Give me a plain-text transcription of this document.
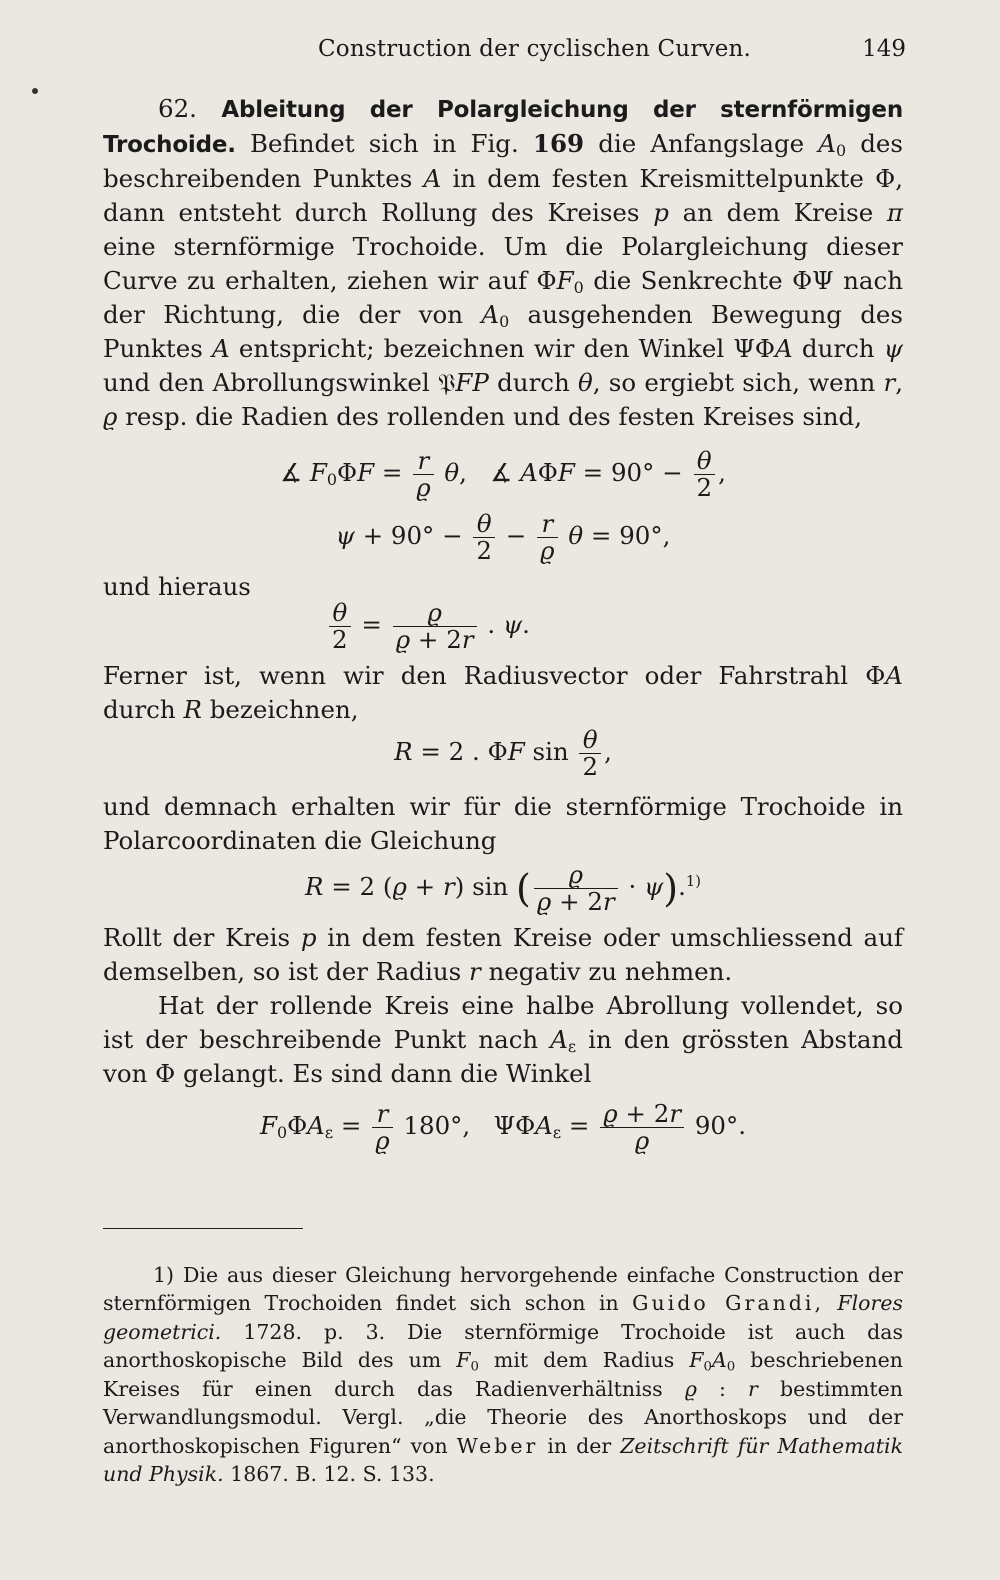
Construction der cyclischen Curven.	149

62. Ableitung der Polargleichung der sternförmigen Trochoide. Befindet sich in Fig. 169 die Anfangslage $A_0$ des beschreibenden Punktes A in dem festen Kreismittelpunkte Φ, dann entsteht durch Rollung des Kreises p an dem Kreise π eine sternförmige Trochoide. Um die Polargleichung dieser Curve zu erhalten, ziehen wir auf $\Phi F_0$ die Senkrechte ΦΨ nach der Richtung, die der von $A_0$ ausgehenden Bewegung des Punktes A entspricht; bezeichnen wir den Winkel ΨΦA durch ψ und den Abrollungswinkel 𝔓FP durch θ, so ergiebt sich, wenn r, ϱ resp. die Radien des rollenden und des festen Kreises sind,

∡ $F_0\Phi F = \frac{r}{ϱ} \theta$,   ∡ $A\Phi F = 90^\circ - \frac{\theta}{2}$ ,
$\psi + 90^\circ - \frac{\theta}{2} - \frac{r}{ϱ}$ θ = 90°,

und hieraus

$\frac{\theta}{2} = \frac{ϱ}{ϱ + 2r}$ . ψ.

Ferner ist, wenn wir den Radiusvector oder Fahrstrahl ΦA durch R bezeichnen,

R = 2 . ΦF $\sin \frac{\theta}{2}$ ,

und demnach erhalten wir für die sternförmige Trochoide in Polarcoordinaten die Gleichung

R = 2 (ϱ + r) sin ( $\frac{ϱ}{ϱ + 2r} \cdot \psi).^{1)}$

Rollt der Kreis p in dem festen Kreise oder umschliessend auf demselben, so ist der Radius r negativ zu nehmen.

Hat der rollende Kreis eine halbe Abrollung vollendet, so ist der beschreibende Punkt nach $A_\varepsilon$ in den grössten Abstand von Φ gelangt. Es sind dann die Winkel

$F_0\Phi A_\varepsilon = \frac{r}{ϱ} 180^\circ$,   $\Psi\Phi A_\varepsilon = \frac{ϱ + 2r}{ϱ} 90^\circ$.

1) Die aus dieser Gleichung hervorgehende einfache Construction der sternförmigen Trochoiden findet sich schon in Guido Grandi, Flores geometrici. 1728. p. 3. Die sternförmige Trochoide ist auch das anorthoskopische Bild des um $F_0$ mit dem Radius $F_0A_0$ beschriebenen Kreises für einen durch das Radienverhältniss ϱ : r bestimmten Verwandlungsmodul. Vergl. „die Theorie des Anorthoskops und der anorthoskopischen Figuren“ von Weber in der Zeitschrift für Mathematik und Physik. 1867. B. 12. S. 133.
